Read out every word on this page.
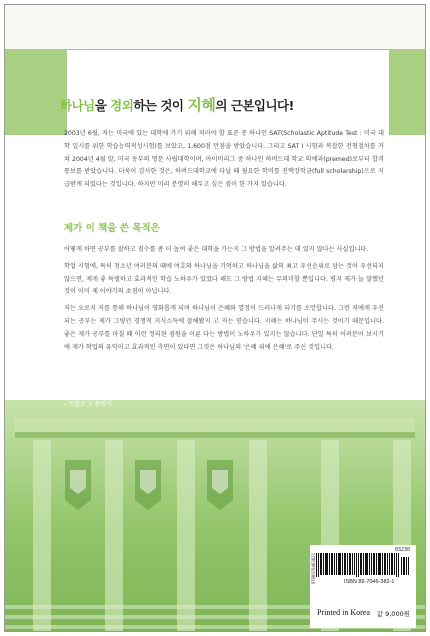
하나님을 경외하는 것이 지혜의 근본입니다!
2003년 6월, 저는 미국에 있는 대학에 가기 위해 치러야 할 표준 중 하나인 SAT(Scholastic Aptitude Test : 미국 대학 입시를 위한 학습능력적성시험)를 보았고, 1,600점 만점을 받았습니다. 그리고 SAT I 시험과 복잡한 전형절차를 거쳐 2004년 4월 말, 미국 동부의 명문 사립대학이며, 아이비리그 중 하나인 하버드대 학교 의예과(premed)로부터 합격 통보를 받았습니다. 더욱이 감사한 것은, 하버드대학교에 다닐 때 필요한 학비를 전액장학금(full scholarship)으로 지급받게 되었다는 것입니다. 하지만 미리 분명히 해두고 싶은 점이 한 가지 있습니다.
제가 이 책을 쓴 목적은

어떻게 하면 공부를 잘하고 점수를 좀 더 높여 좋은 대학을 가는지 그 방법을 알려주는 데 있지 않다는 사실입니다.

학업 시험에, 특히 청소년 여러분의 때에 여호와 하나님을 기억하고 하나님을 삶의 최고 우선순위로 삼는 것이 우선되지 않으면, 제게 좋 특별하고 효과적인 학습 노하우가 있었다 해도 그 방법 지혜는 무의미할 뿐입니다. 평지 제가 늘 말했던 것이 이미 제 이야기의 초점이 아닙니다.

저는 오로지 저를 통해 하나님이 영화롭게 되며 하나님이 은혜와 열정이 드러나게 되기를 소망합니다. 그런 저에게 우선되는 공부는 제가 그렇던 경쟁적 지식소득에 잘해봤지 고 저는 믿습니다. 지혜는 하나님이 주시는 것이기 때문입니다. 좋은 제가 공부를 마칠 때 이런 정리된 점원을 이룬 다는 방법이 노하우가 있지는 않습니다. 단일 특히 어려분이 보시기에 제가 학업의 유익이고 효과적인 측면이 있다면 그것은 하나님의 '은혜 위에 은혜'로 주신 것입니다.

이제서 지금부터, 정리하는 과정, 이야기와 나름대로 터득한 공부법 (학습법) 이야기는 제게 주신 하나님의 선물입을 기억 바랍니다. 제가 하나님께 받은 것을 여러분과 함께 나누려고 합니다. 이 책의 내용이 사람과는 축복과 믿음의 부담을 주께서 조금이라도 도움이 되기를 바랍니다.

- 프롤로그 중에서
03230
9788970463821	ISBN 89-7046-382-1
Printed in Korea 값 9,000원
